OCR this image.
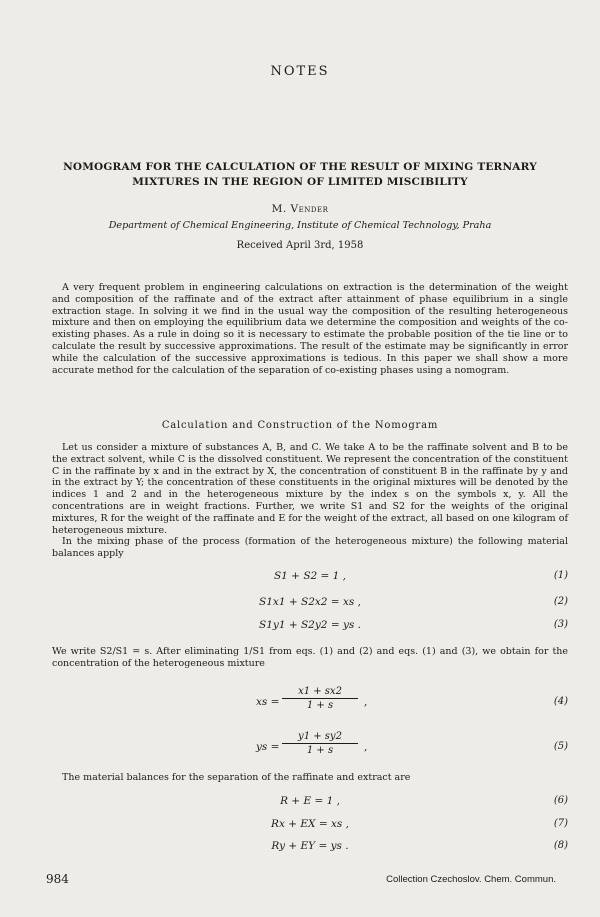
NOTES
NOMOGRAM FOR THE CALCULATION OF THE RESULT OF MIXING TERNARY
MIXTURES IN THE REGION OF LIMITED MISCIBILITY
M. Vender
Department of Chemical Engineering, Institute of Chemical Technology, Praha
Received April 3rd, 1958
A very frequent problem in engineering calculations on extraction is the determination of the weight and composition of the raffinate and of the extract after attainment of phase equilibrium in a single extraction stage. In solving it we find in the usual way the composition of the resulting heterogeneous mixture and then on employing the equilibrium data we determine the composition and weights of the co-existing phases. As a rule in doing so it is necessary to estimate the probable position of the tie line or to calculate the result by successive approximations. The result of the estimate may be significantly in error while the calculation of the successive approximations is tedious. In this paper we shall show a more accurate method for the calculation of the separation of co-existing phases using a nomogram.
Calculation and Construction of the Nomogram
Let us consider a mixture of substances A, B, and C. We take A to be the raffinate solvent and B to be the extract solvent, while C is the dissolved constituent. We represent the concentration of the constituent C in the raffinate by x and in the extract by X, the concentration of constituent B in the raffinate by y and in the extract by Y; the concentration of these constituents in the original mixtures will be denoted by the indices 1 and 2 and in the heterogeneous mixture by the index s on the symbols x, y. All the concentrations are in weight fractions. Further, we write S1 and S2 for the weights of the original mixtures, R for the weight of the raffinate and E for the weight of the extract, all based on one kilogram of heterogeneous mixture.
In the mixing phase of the process (formation of the heterogeneous mixture) the following material balances apply
S1 + S2 = 1 ,	(1)
S1x1 + S2x2 = xs ,	(2)
S1y1 + S2y2 = ys .	(3)
We write S2/S1 = s. After eliminating 1/S1 from eqs. (1) and (2) and eqs. (1) and (3), we obtain for the concentration of the heterogeneous mixture
xs =
x1 + sx2
1 + s	,	(4)
ys =
y1 + sy2
1 + s	,	(5)
The material balances for the separation of the raffinate and extract are
R + E = 1 ,	(6)
Rx + EX = xs ,	(7)
Ry + EY = ys .	(8)
984	Collection Czechoslov. Chem. Commun.
